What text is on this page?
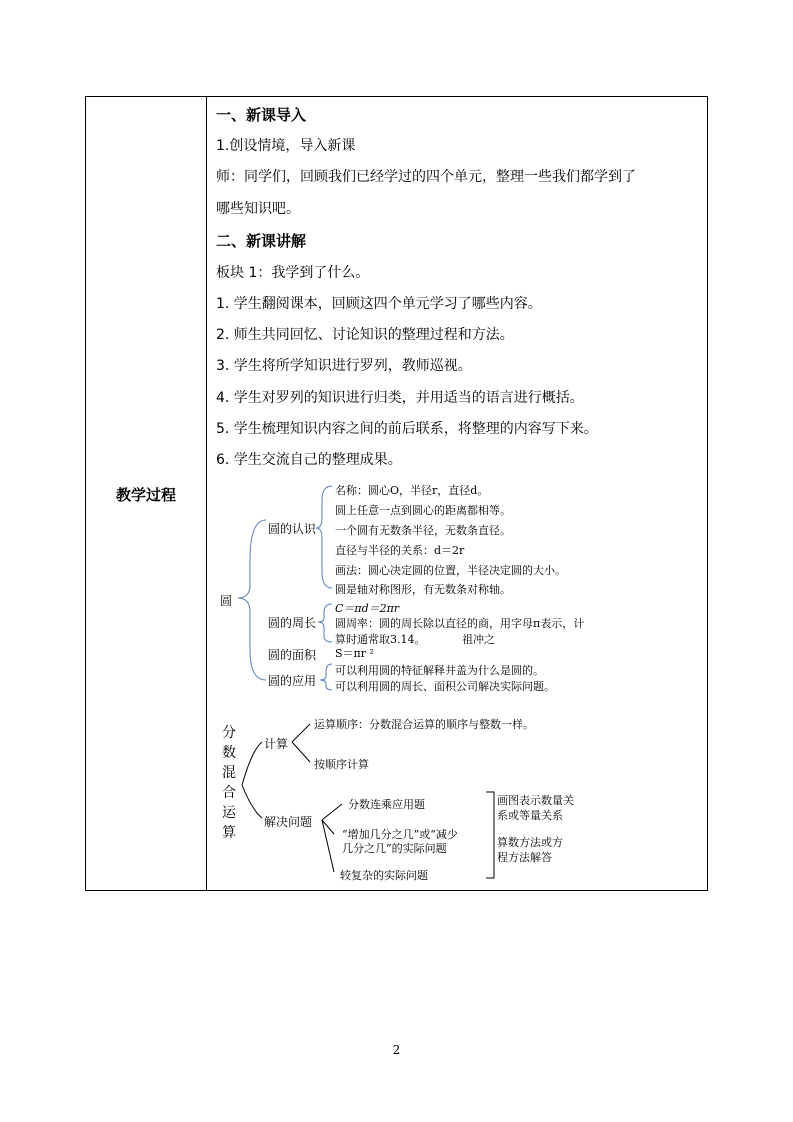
教学过程
一、新课导入
1.创设情境，导入新课
师：同学们，回顾我们已经学过的四个单元，整理一些我们都学到了
哪些知识吧。
二、新课讲解
板块 1：我学到了什么。
1. 学生翻阅课本，回顾这四个单元学习了哪些内容。
2. 师生共同回忆、讨论知识的整理过程和方法。
3. 学生将所学知识进行罗列，教师巡视。
4. 学生对罗列的知识进行归类，并用适当的语言进行概括。
5. 学生梳理知识内容之间的前后联系，将整理的内容写下来。
6. 学生交流自己的整理成果。
圆
圆的认识
名称：圆心O，半径r，直径d。
圆上任意一点到圆心的距离都相等。
一个圆有无数条半径，无数条直径。
直径与半径的关系：d＝2r
画法：圆心决定圆的位置，半径决定圆的大小。
圆是轴对称图形，有无数条对称轴。
圆的周长
C＝πd＝2πr
圆周率：圆的周长除以直径的商，用字母π表示，计
算时通常取3.14。	祖冲之
圆的面积 S＝πr ²
圆的应用
可以利用圆的特征解释井盖为什么是圆的。
可以利用圆的周长、面积公司解决实际问题。
分
数
混
合
运
算
计算
运算顺序：分数混合运算的顺序与整数一样。
按顺序计算
解决问题
分数连乘应用题
“增加几分之几”或“减少
几分之几”的实际问题
较复杂的实际问题
画图表示数量关
系或等量关系
算数方法或方
程方法解答
2
